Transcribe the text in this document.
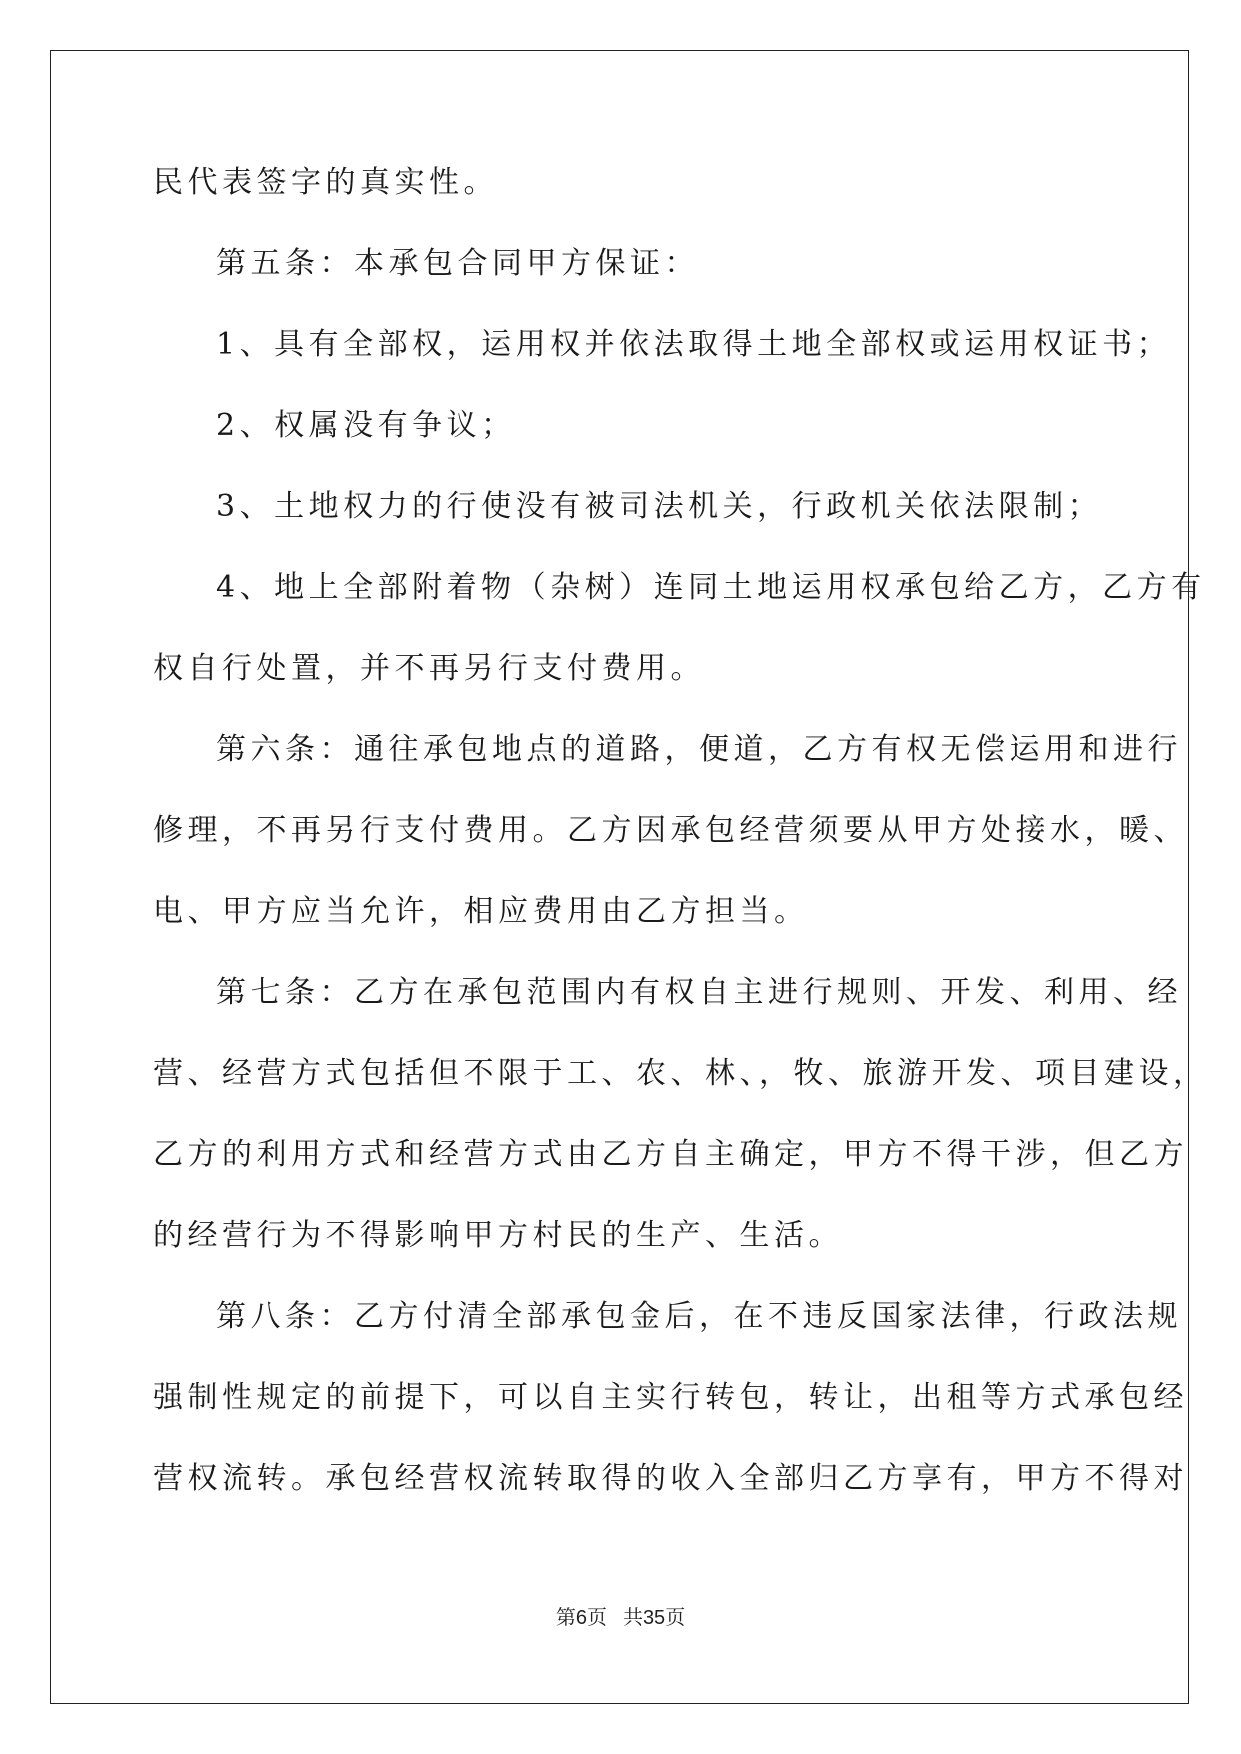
民代表签字的真实性。
第五条：本承包合同甲方保证：
1、具有全部权，运用权并依法取得土地全部权或运用权证书；
2、权属没有争议；
3、土地权力的行使没有被司法机关，行政机关依法限制；
4、地上全部附着物（杂树）连同土地运用权承包给乙方，乙方有
权自行处置，并不再另行支付费用。
第六条：通往承包地点的道路，便道，乙方有权无偿运用和进行
修理，不再另行支付费用。乙方因承包经营须要从甲方处接水，暖、
电、甲方应当允许，相应费用由乙方担当。
第七条：乙方在承包范围内有权自主进行规则、开发、利用、经
营、经营方式包括但不限于工、农、林、，牧、旅游开发、项目建设，
乙方的利用方式和经营方式由乙方自主确定，甲方不得干涉，但乙方
的经营行为不得影响甲方村民的生产、生活。
第八条：乙方付清全部承包金后，在不违反国家法律，行政法规
强制性规定的前提下，可以自主实行转包，转让，出租等方式承包经
营权流转。承包经营权流转取得的收入全部归乙方享有，甲方不得对
第6页 共35页
